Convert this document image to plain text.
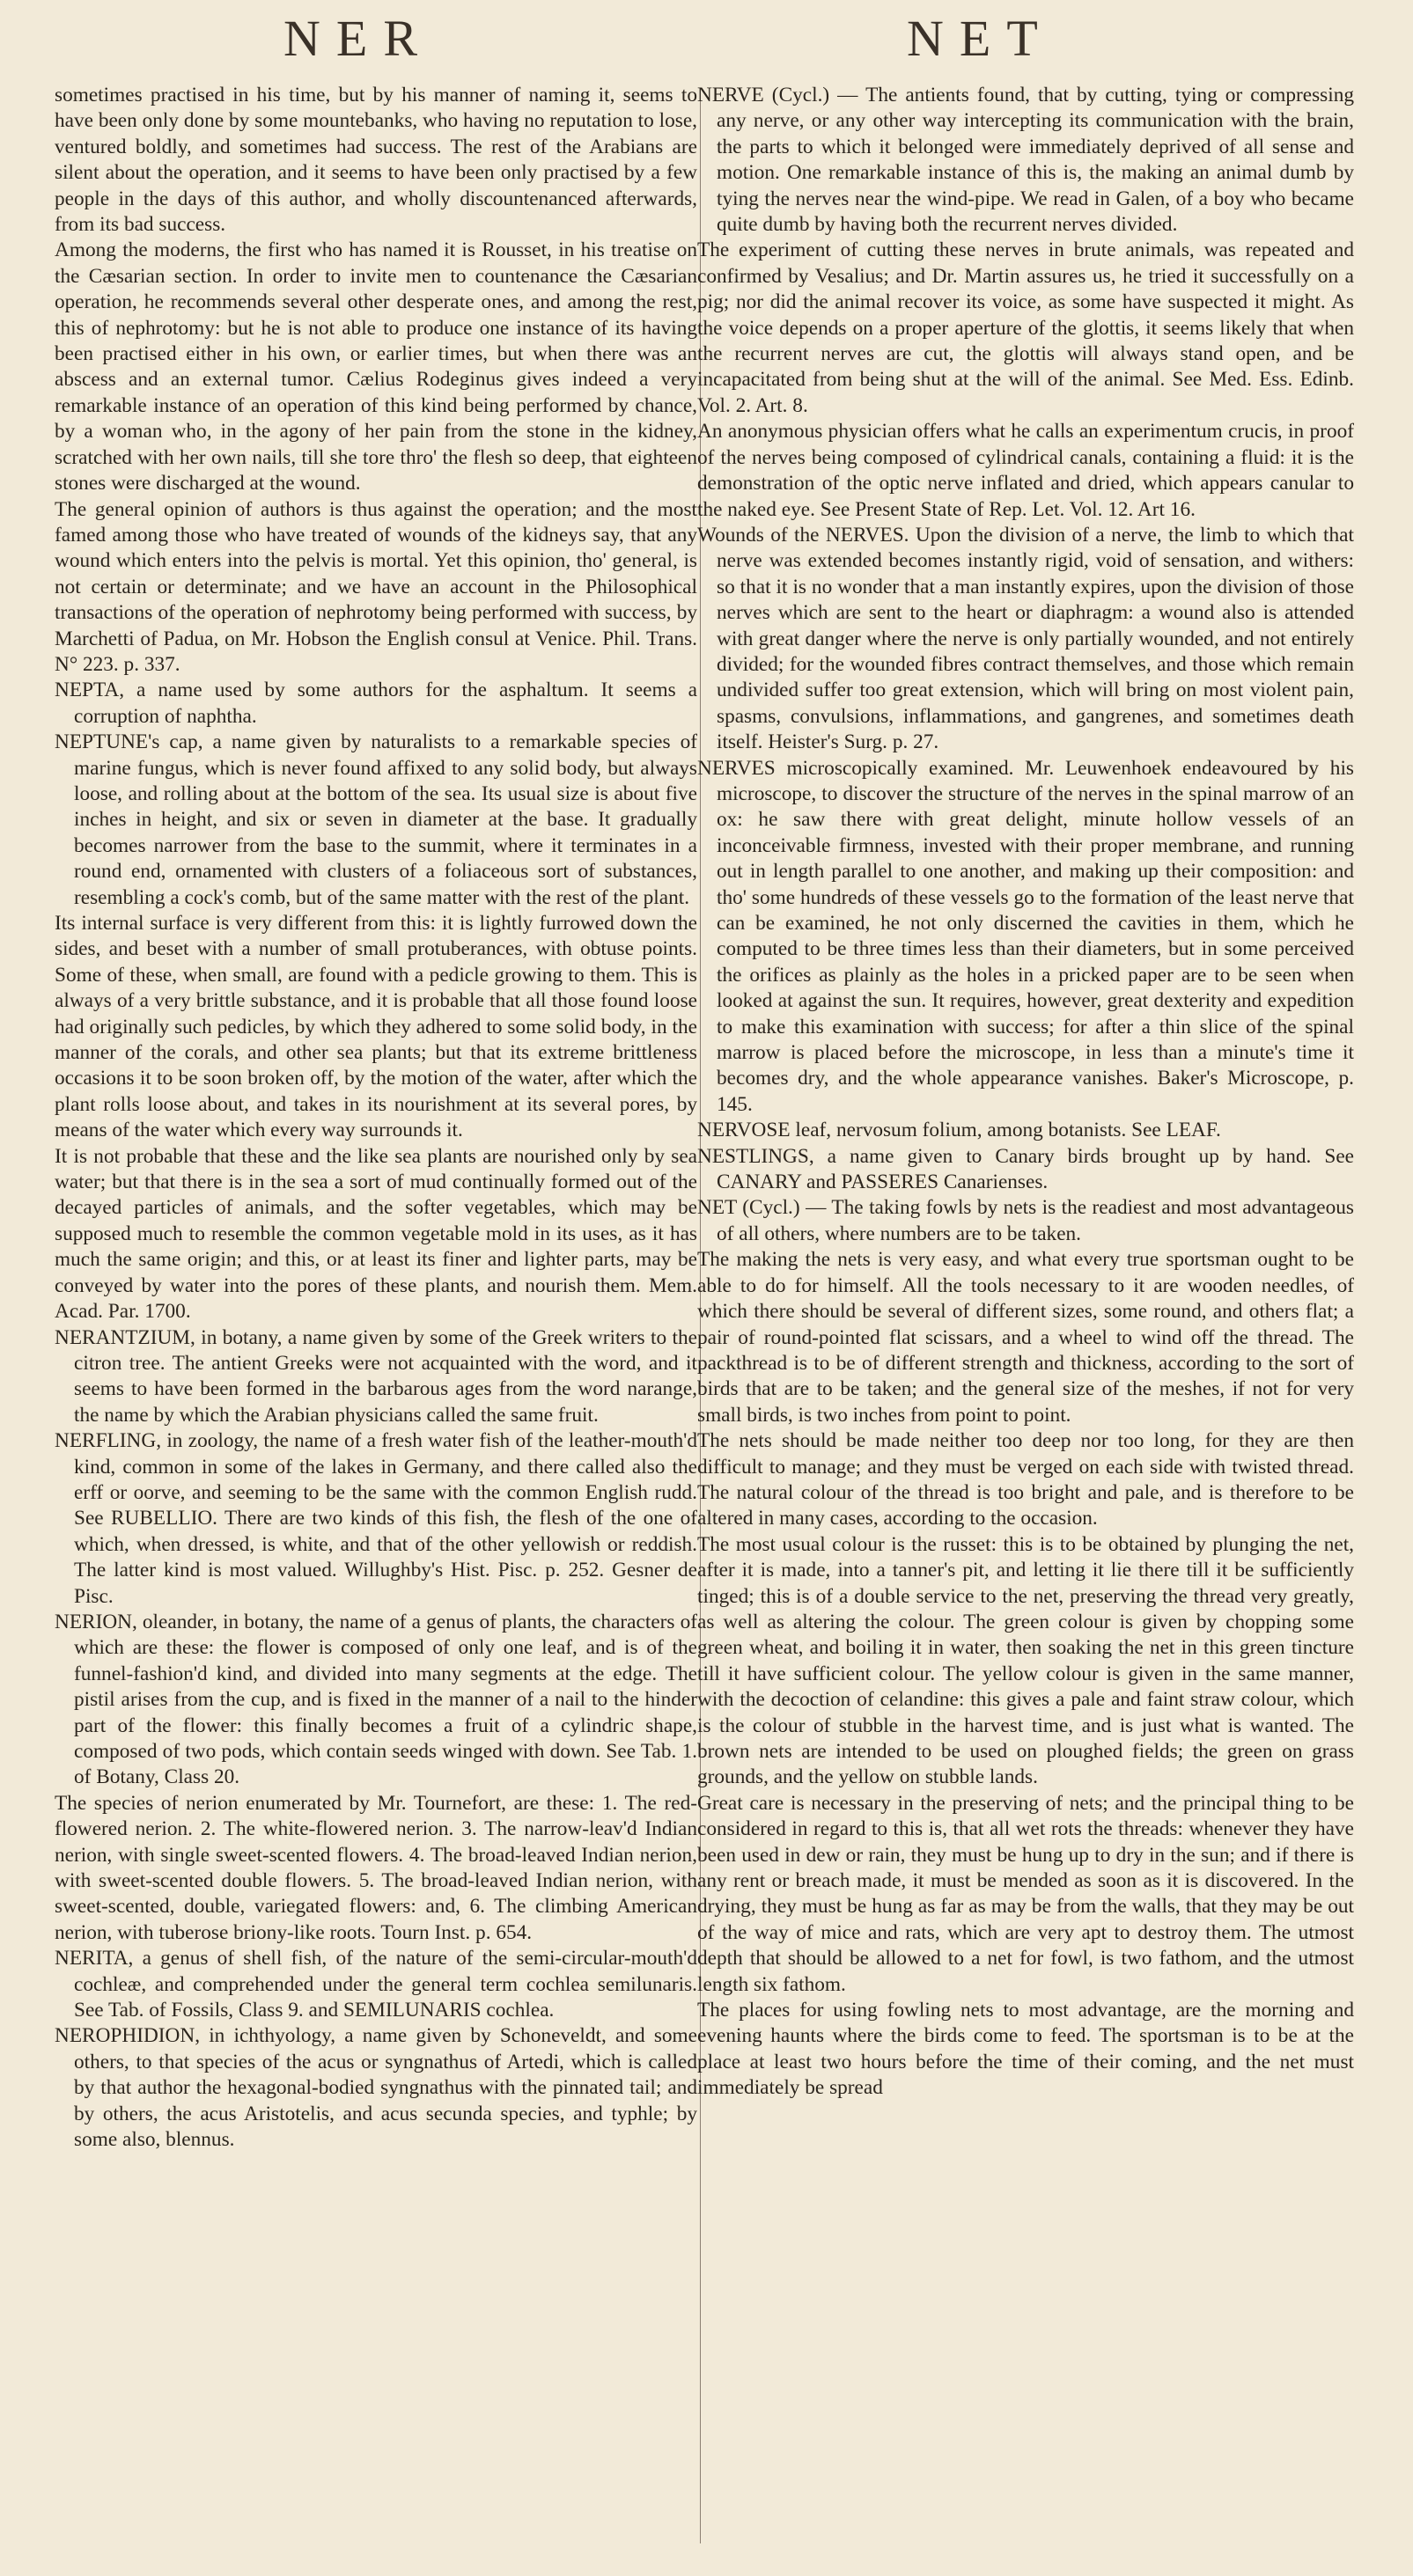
NER	NET

sometimes practised in his time, but by his manner of naming it, seems to have been only done by some mountebanks, who having no reputation to lose, ventured boldly, and sometimes had success. The rest of the Arabians are silent about the operation, and it seems to have been only practised by a few people in the days of this author, and wholly discountenanced afterwards, from its bad success.

Among the moderns, the first who has named it is Rousset, in his treatise on the Cæsarian section. In order to invite men to countenance the Cæsarian operation, he recommends several other desperate ones, and among the rest, this of nephrotomy: but he is not able to produce one instance of its having been practised either in his own, or earlier times, but when there was an abscess and an external tumor. Cælius Rodeginus gives indeed a very remarkable instance of an operation of this kind being performed by chance, by a woman who, in the agony of her pain from the stone in the kidney, scratched with her own nails, till she tore thro' the flesh so deep, that eighteen stones were discharged at the wound.

The general opinion of authors is thus against the operation; and the most famed among those who have treated of wounds of the kidneys say, that any wound which enters into the pelvis is mortal. Yet this opinion, tho' general, is not certain or determinate; and we have an account in the Philosophical transactions of the operation of nephrotomy being performed with success, by Marchetti of Padua, on Mr. Hobson the English consul at Venice. Phil. Trans. N° 223. p. 337.

NEPTA, a name used by some authors for the asphaltum. It seems a corruption of naphtha.

NEPTUNE's cap, a name given by naturalists to a remarkable species of marine fungus, which is never found affixed to any solid body, but always loose, and rolling about at the bottom of the sea. Its usual size is about five inches in height, and six or seven in diameter at the base. It gradually becomes narrower from the base to the summit, where it terminates in a round end, ornamented with clusters of a foliaceous sort of substances, resembling a cock's comb, but of the same matter with the rest of the plant.

Its internal surface is very different from this: it is lightly furrowed down the sides, and beset with a number of small protuberances, with obtuse points. Some of these, when small, are found with a pedicle growing to them. This is always of a very brittle substance, and it is probable that all those found loose had originally such pedicles, by which they adhered to some solid body, in the manner of the corals, and other sea plants; but that its extreme brittleness occasions it to be soon broken off, by the motion of the water, after which the plant rolls loose about, and takes in its nourishment at its several pores, by means of the water which every way surrounds it.

It is not probable that these and the like sea plants are nourished only by sea water; but that there is in the sea a sort of mud continually formed out of the decayed particles of animals, and the softer vegetables, which may be supposed much to resemble the common vegetable mold in its uses, as it has much the same origin; and this, or at least its finer and lighter parts, may be conveyed by water into the pores of these plants, and nourish them. Mem. Acad. Par. 1700.

NERANTZIUM, in botany, a name given by some of the Greek writers to the citron tree. The antient Greeks were not acquainted with the word, and it seems to have been formed in the barbarous ages from the word narange, the name by which the Arabian physicians called the same fruit.

NERFLING, in zoology, the name of a fresh water fish of the leather-mouth'd kind, common in some of the lakes in Germany, and there called also the erff or oorve, and seeming to be the same with the common English rudd. See RUBELLIO. There are two kinds of this fish, the flesh of the one of which, when dressed, is white, and that of the other yellowish or reddish. The latter kind is most valued. Willughby's Hist. Pisc. p. 252. Gesner de Pisc.

NERION, oleander, in botany, the name of a genus of plants, the characters of which are these: the flower is composed of only one leaf, and is of the funnel-fashion'd kind, and divided into many segments at the edge. The pistil arises from the cup, and is fixed in the manner of a nail to the hinder part of the flower: this finally becomes a fruit of a cylindric shape, composed of two pods, which contain seeds winged with down. See Tab. 1. of Botany, Class 20.

The species of nerion enumerated by Mr. Tournefort, are these: 1. The red-flowered nerion. 2. The white-flowered nerion. 3. The narrow-leav'd Indian nerion, with single sweet-scented flowers. 4. The broad-leaved Indian nerion, with sweet-scented double flowers. 5. The broad-leaved Indian nerion, with sweet-scented, double, variegated flowers: and, 6. The climbing American nerion, with tuberose briony-like roots. Tourn Inst. p. 654.

NERITA, a genus of shell fish, of the nature of the semi-circular-mouth'd cochleæ, and comprehended under the general term cochlea semilunaris. See Tab. of Fossils, Class 9. and SEMILUNARIS cochlea.

NEROPHIDION, in ichthyology, a name given by Schoneveldt, and some others, to that species of the acus or syngnathus of Artedi, which is called by that author the hexagonal-bodied syngnathus with the pinnated tail; and by others, the acus Aristotelis, and acus secunda species, and typhle; by some also, blennus.

NERVE (Cycl.) — The antients found, that by cutting, tying or compressing any nerve, or any other way intercepting its communication with the brain, the parts to which it belonged were immediately deprived of all sense and motion. One remarkable instance of this is, the making an animal dumb by tying the nerves near the wind-pipe. We read in Galen, of a boy who became quite dumb by having both the recurrent nerves divided.

The experiment of cutting these nerves in brute animals, was repeated and confirmed by Vesalius; and Dr. Martin assures us, he tried it successfully on a pig; nor did the animal recover its voice, as some have suspected it might. As the voice depends on a proper aperture of the glottis, it seems likely that when the recurrent nerves are cut, the glottis will always stand open, and be incapacitated from being shut at the will of the animal. See Med. Ess. Edinb. Vol. 2. Art. 8.

An anonymous physician offers what he calls an experimentum crucis, in proof of the nerves being composed of cylindrical canals, containing a fluid: it is the demonstration of the optic nerve inflated and dried, which appears canular to the naked eye. See Present State of Rep. Let. Vol. 12. Art 16.

Wounds of the NERVES. Upon the division of a nerve, the limb to which that nerve was extended becomes instantly rigid, void of sensation, and withers: so that it is no wonder that a man instantly expires, upon the division of those nerves which are sent to the heart or diaphragm: a wound also is attended with great danger where the nerve is only partially wounded, and not entirely divided; for the wounded fibres contract themselves, and those which remain undivided suffer too great extension, which will bring on most violent pain, spasms, convulsions, inflammations, and gangrenes, and sometimes death itself. Heister's Surg. p. 27.

NERVES microscopically examined. Mr. Leuwenhoek endeavoured by his microscope, to discover the structure of the nerves in the spinal marrow of an ox: he saw there with great delight, minute hollow vessels of an inconceivable firmness, invested with their proper membrane, and running out in length parallel to one another, and making up their composition: and tho' some hundreds of these vessels go to the formation of the least nerve that can be examined, he not only discerned the cavities in them, which he computed to be three times less than their diameters, but in some perceived the orifices as plainly as the holes in a pricked paper are to be seen when looked at against the sun. It requires, however, great dexterity and expedition to make this examination with success; for after a thin slice of the spinal marrow is placed before the microscope, in less than a minute's time it becomes dry, and the whole appearance vanishes. Baker's Microscope, p. 145.

NERVOSE leaf, nervosum folium, among botanists. See LEAF.

NESTLINGS, a name given to Canary birds brought up by hand. See CANARY and PASSERES Canarienses.

NET (Cycl.) — The taking fowls by nets is the readiest and most advantageous of all others, where numbers are to be taken.

The making the nets is very easy, and what every true sportsman ought to be able to do for himself. All the tools necessary to it are wooden needles, of which there should be several of different sizes, some round, and others flat; a pair of round-pointed flat scissars, and a wheel to wind off the thread. The packthread is to be of different strength and thickness, according to the sort of birds that are to be taken; and the general size of the meshes, if not for very small birds, is two inches from point to point.

The nets should be made neither too deep nor too long, for they are then difficult to manage; and they must be verged on each side with twisted thread. The natural colour of the thread is too bright and pale, and is therefore to be altered in many cases, according to the occasion.

The most usual colour is the russet: this is to be obtained by plunging the net, after it is made, into a tanner's pit, and letting it lie there till it be sufficiently tinged; this is of a double service to the net, preserving the thread very greatly, as well as altering the colour. The green colour is given by chopping some green wheat, and boiling it in water, then soaking the net in this green tincture till it have sufficient colour. The yellow colour is given in the same manner, with the decoction of celandine: this gives a pale and faint straw colour, which is the colour of stubble in the harvest time, and is just what is wanted. The brown nets are intended to be used on ploughed fields; the green on grass grounds, and the yellow on stubble lands.

Great care is necessary in the preserving of nets; and the principal thing to be considered in regard to this is, that all wet rots the threads: whenever they have been used in dew or rain, they must be hung up to dry in the sun; and if there is any rent or breach made, it must be mended as soon as it is discovered. In the drying, they must be hung as far as may be from the walls, that they may be out of the way of mice and rats, which are very apt to destroy them. The utmost depth that should be allowed to a net for fowl, is two fathom, and the utmost length six fathom.

The places for using fowling nets to most advantage, are the morning and evening haunts where the birds come to feed. The sportsman is to be at the place at least two hours before the time of their coming, and the net must immediately be spread
